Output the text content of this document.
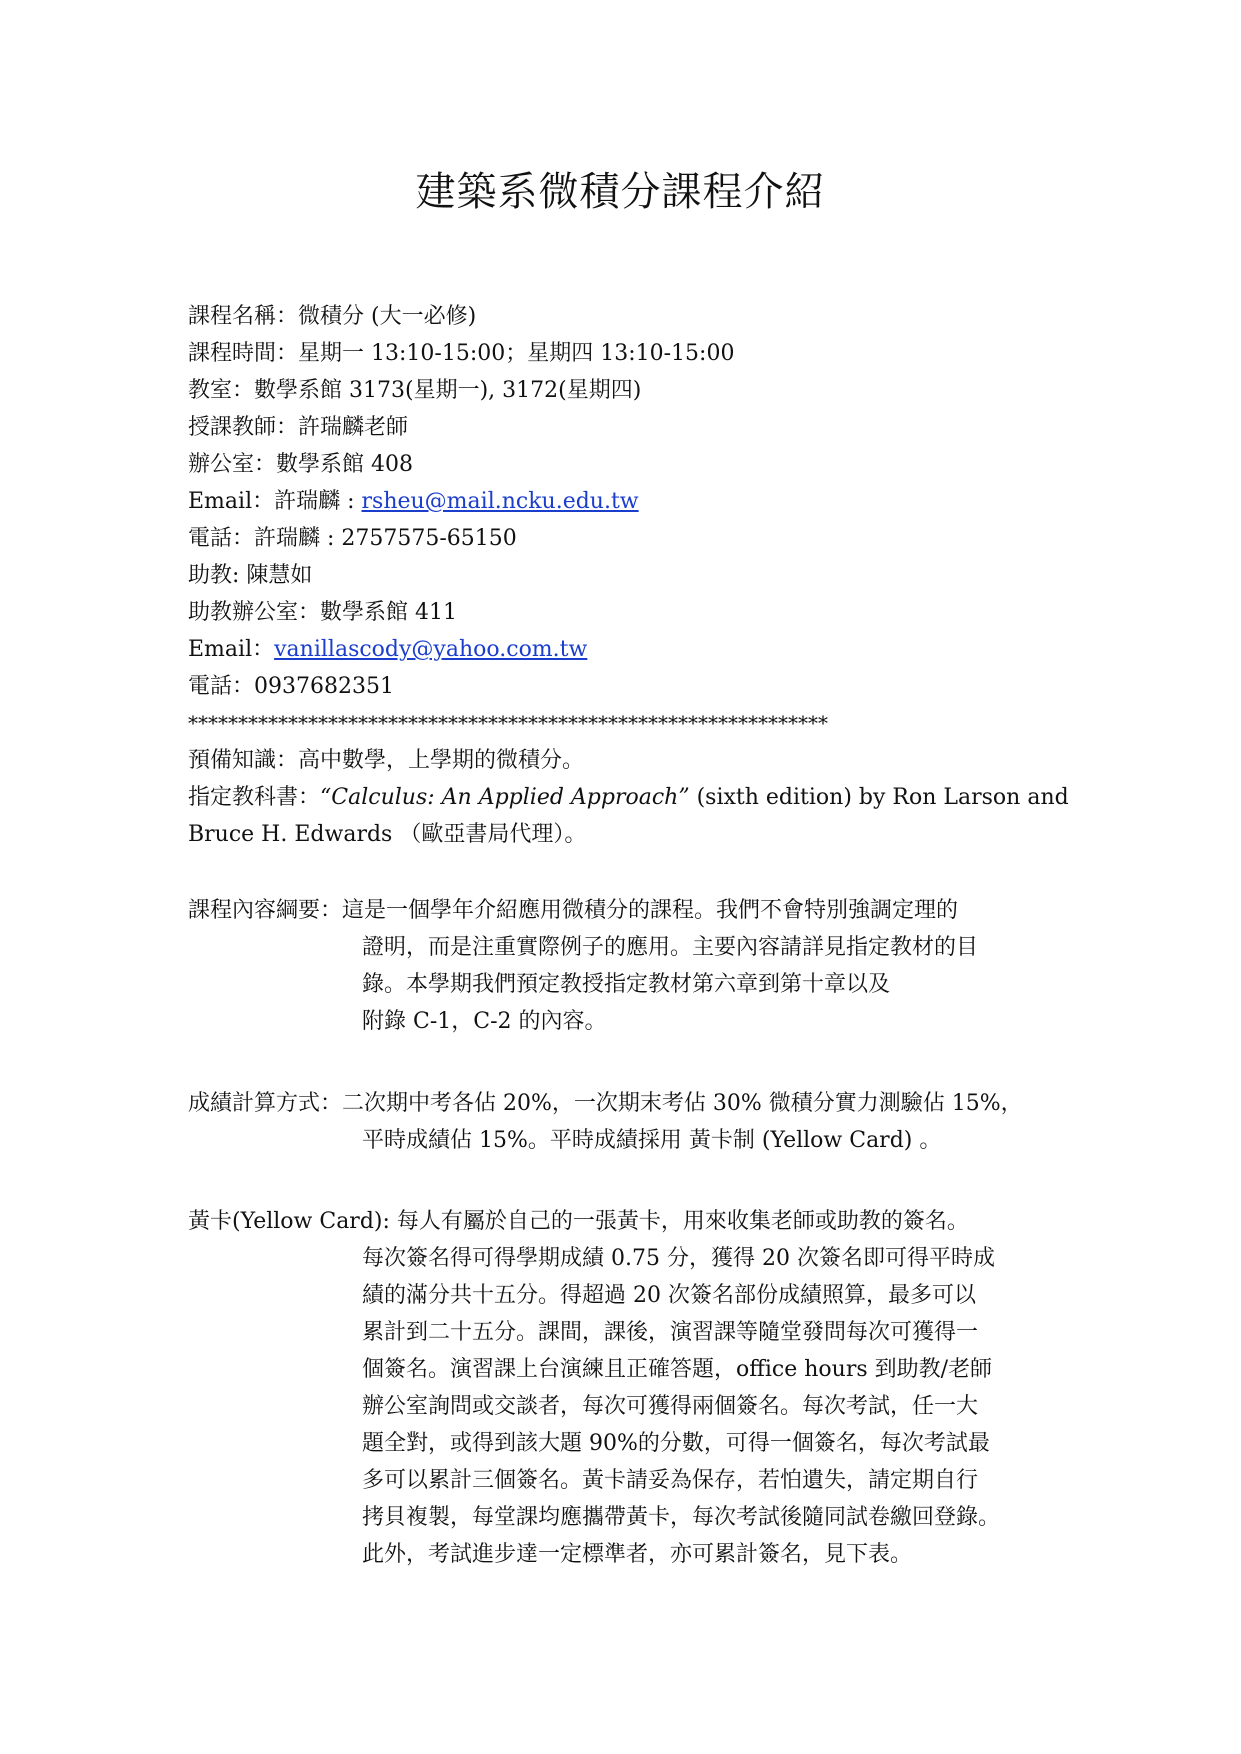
建築系微積分課程介紹
課程名稱：微積分 (大一必修)
課程時間：星期一 13:10-15:00；星期四 13:10-15:00
教室：數學系館 3173(星期一), 3172(星期四)
授課教師：許瑞麟老師
辦公室：數學系館 408
Email：許瑞麟 : rsheu@mail.ncku.edu.tw
電話：許瑞麟 : 2757575-65150
助教: 陳慧如
助教辦公室：數學系館 411
Email：vanillascody@yahoo.com.tw
電話：0937682351
****************************************************************
預備知識：高中數學，上學期的微積分。
指定教科書：“Calculus: An Applied Approach” (sixth edition) by Ron Larson and
Bruce H. Edwards （歐亞書局代理）。
課程內容綱要：這是一個學年介紹應用微積分的課程。我們不會特別強調定理的
證明，而是注重實際例子的應用。主要內容請詳見指定教材的目
錄。本學期我們預定教授指定教材第六章到第十章以及
附錄 C-1，C-2 的內容。
成績計算方式：二次期中考各佔 20%，一次期末考佔 30% 微積分實力測驗佔 15%，
平時成績佔 15%。平時成績採用 黃卡制 (Yellow Card) 。
黃卡(Yellow Card): 每人有屬於自己的一張黃卡，用來收集老師或助教的簽名。
每次簽名得可得學期成績 0.75 分，獲得 20 次簽名即可得平時成
績的滿分共十五分。得超過 20 次簽名部份成績照算，最多可以
累計到二十五分。課間，課後，演習課等隨堂發問每次可獲得一
個簽名。演習課上台演練且正確答題，office hours 到助教/老師
辦公室詢問或交談者，每次可獲得兩個簽名。每次考試，任一大
題全對，或得到該大題 90%的分數，可得一個簽名，每次考試最
多可以累計三個簽名。黃卡請妥為保存，若怕遺失，請定期自行
拷貝複製，每堂課均應攜帶黃卡，每次考試後隨同試卷繳回登錄。
此外，考試進步達一定標準者，亦可累計簽名，見下表。
